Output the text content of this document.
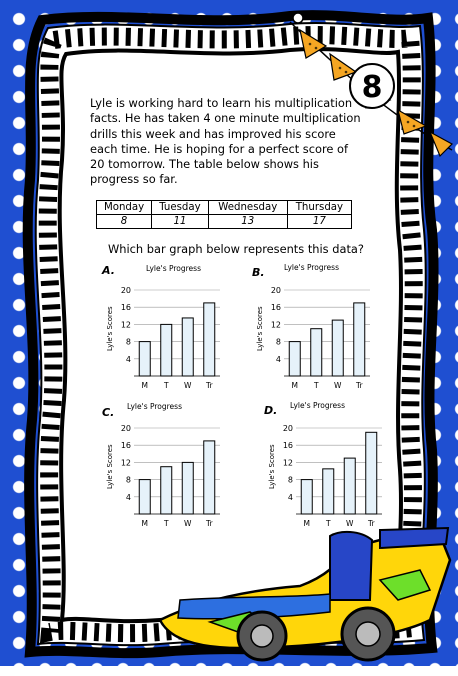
8

Lyle is working hard to learn his multiplication facts. He has taken 4 one minute multiplication drills this week and has improved his score each time. He is hoping for a perfect score of 20 tomorrow. The table below shows his progress so far.

Monday	Tuesday	Wednesday	Thursday
8	11	13	17

Which bar graph below represents this data?

A.	Lyle's Progress
20
16
12
8
4
Lyle's Scores
M T W Tr
B.	Lyle's Progress
20
16
12
8
4
Lyle's Scores
M T W Tr
C. Lyle's Progress
20
16
12
8
4
Lyle's Scores
M T W Tr
D. Lyle's Progress
20
16
12
8
4
Lyle's Scores
M T W Tr
